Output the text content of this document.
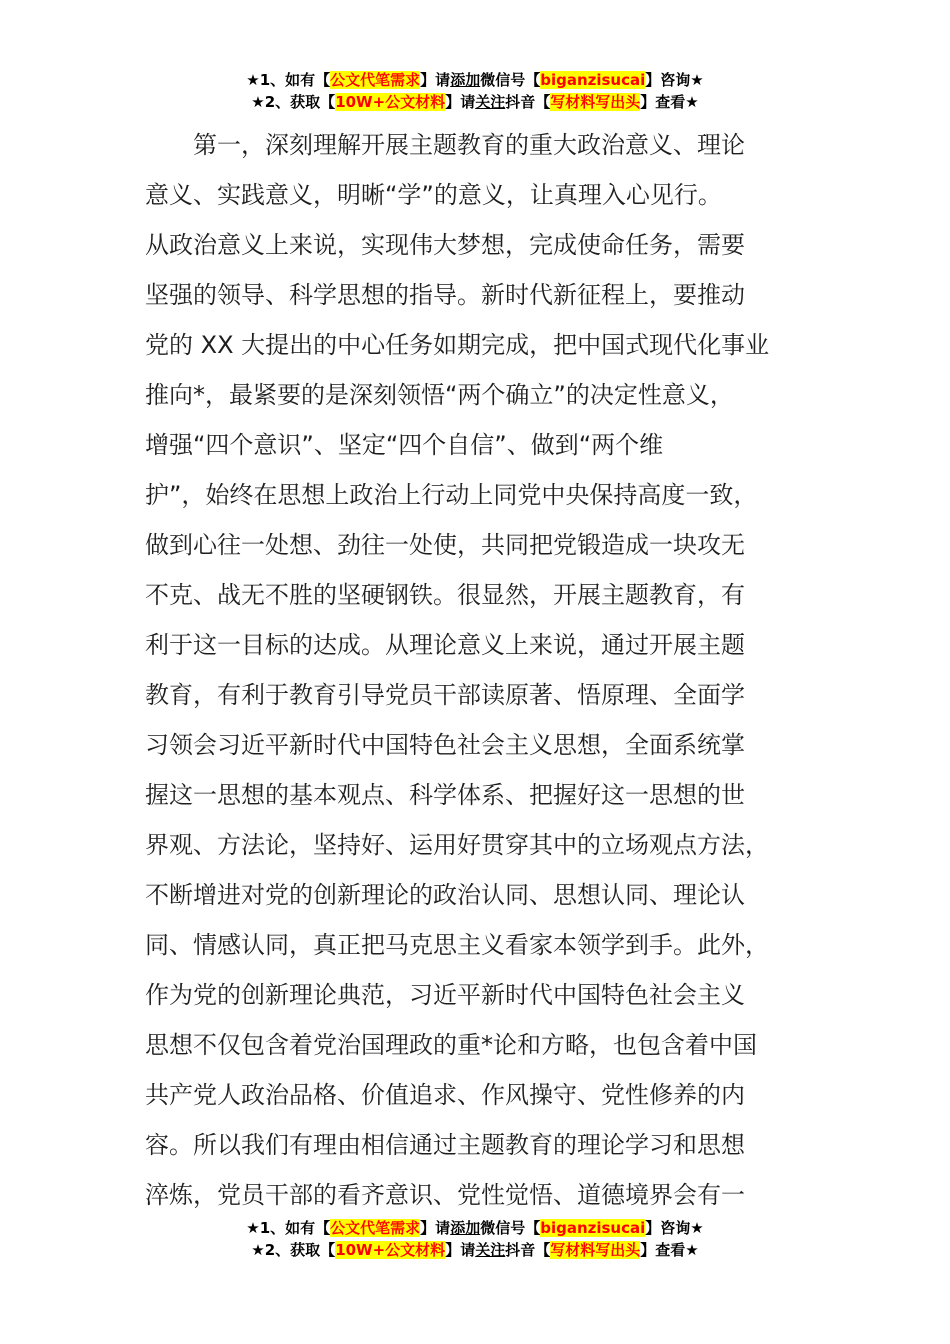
★1、如有【公文代笔需求】请添加微信号【biganzisucai】咨询★
★2、获取【10W+公文材料】请关注抖音【写材料写出头】查看★
　　第一，深刻理解开展主题教育的重大政治意义、理论
意义、实践意义，明晰“学”的意义，让真理入心见行。
从政治意义上来说，实现伟大梦想，完成使命任务，需要
坚强的领导、科学思想的指导。新时代新征程上，要推动
党的 XX 大提出的中心任务如期完成，把中国式现代化事业
推向*，最紧要的是深刻领悟“两个确立”的决定性意义，
增强“四个意识”、坚定“四个自信”、做到“两个维
护”，始终在思想上政治上行动上同党中央保持高度一致，
做到心往一处想、劲往一处使，共同把党锻造成一块攻无
不克、战无不胜的坚硬钢铁。很显然，开展主题教育，有
利于这一目标的达成。从理论意义上来说，通过开展主题
教育，有利于教育引导党员干部读原著、悟原理、全面学
习领会习近平新时代中国特色社会主义思想，全面系统掌
握这一思想的基本观点、科学体系、把握好这一思想的世
界观、方法论，坚持好、运用好贯穿其中的立场观点方法，
不断增进对党的创新理论的政治认同、思想认同、理论认
同、情感认同，真正把马克思主义看家本领学到手。此外，
作为党的创新理论典范，习近平新时代中国特色社会主义
思想不仅包含着党治国理政的重*论和方略，也包含着中国
共产党人政治品格、价值追求、作风操守、党性修养的内
容。所以我们有理由相信通过主题教育的理论学习和思想
淬炼，党员干部的看齐意识、党性觉悟、道德境界会有一
★1、如有【公文代笔需求】请添加微信号【biganzisucai】咨询★
★2、获取【10W+公文材料】请关注抖音【写材料写出头】查看★
